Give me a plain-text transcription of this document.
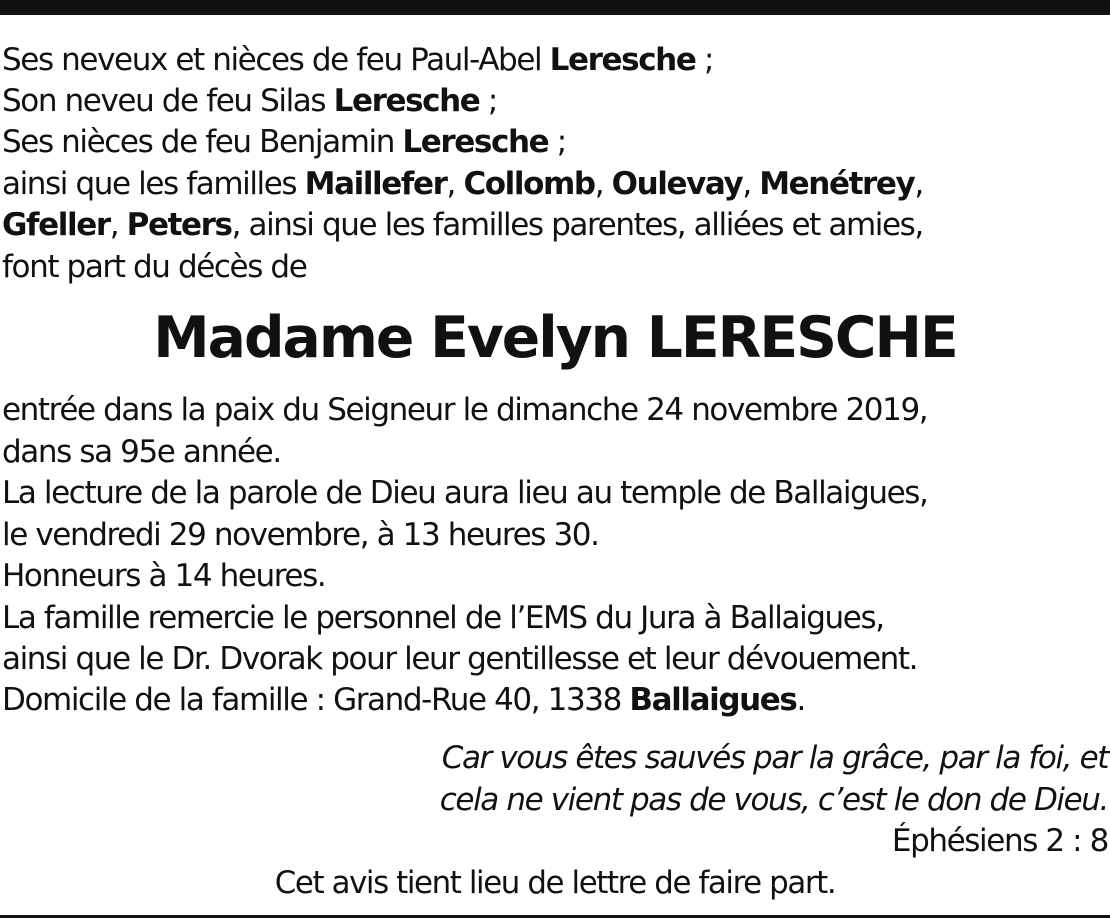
Ses neveux et nièces de feu Paul-Abel Leresche ;
Son neveu de feu Silas Leresche ;
Ses nièces de feu Benjamin Leresche ;
ainsi que les familles Maillefer, Collomb, Oulevay, Menétrey,
Gfeller, Peters, ainsi que les familles parentes, alliées et amies,
font part du décès de
Madame Evelyn LERESCHE
entrée dans la paix du Seigneur le dimanche 24 novembre 2019,
dans sa 95e année.
La lecture de la parole de Dieu aura lieu au temple de Ballaigues,
le vendredi 29 novembre, à 13 heures 30.
Honneurs à 14 heures.
La famille remercie le personnel de l’EMS du Jura à Ballaigues,
ainsi que le Dr. Dvorak pour leur gentillesse et leur dévouement.
Domicile de la famille : Grand-Rue 40, 1338 Ballaigues.
Car vous êtes sauvés par la grâce, par la foi, et
cela ne vient pas de vous, c’est le don de Dieu.
Éphésiens 2 : 8
Cet avis tient lieu de lettre de faire part.
